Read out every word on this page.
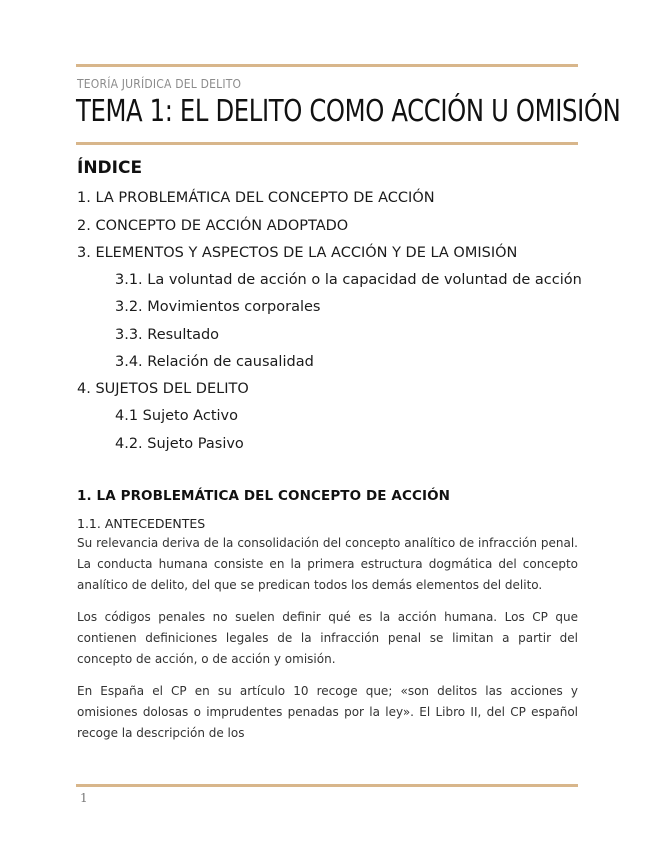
TEORÍA JURÍDICA DEL DELITO
TEMA 1: EL DELITO COMO ACCIÓN U OMISIÓN
ÍNDICE
1. LA PROBLEMÁTICA DEL CONCEPTO DE ACCIÓN
2. CONCEPTO DE ACCIÓN ADOPTADO
3. ELEMENTOS Y ASPECTOS DE LA ACCIÓN Y DE LA OMISIÓN
3.1. La voluntad de acción o la capacidad de voluntad de acción
3.2. Movimientos corporales
3.3. Resultado
3.4. Relación de causalidad
4. SUJETOS DEL DELITO
4.1 Sujeto Activo
4.2. Sujeto Pasivo
1. LA PROBLEMÁTICA DEL CONCEPTO DE ACCIÓN
1.1. ANTECEDENTES

Su relevancia deriva de la consolidación del concepto analítico de infracción penal. La conducta humana consiste en la primera estructura dogmática del concepto analítico de delito, del que se predican todos los demás elementos del delito.

Los códigos penales no suelen definir qué es la acción humana. Los CP que contienen definiciones legales de la infracción penal se limitan a partir del concepto de acción, o de acción y omisión.

En España el CP en su artículo 10 recoge que; «son delitos las acciones y omisiones dolosas o imprudentes penadas por la ley». El Libro II, del CP español recoge la descripción de los

1
